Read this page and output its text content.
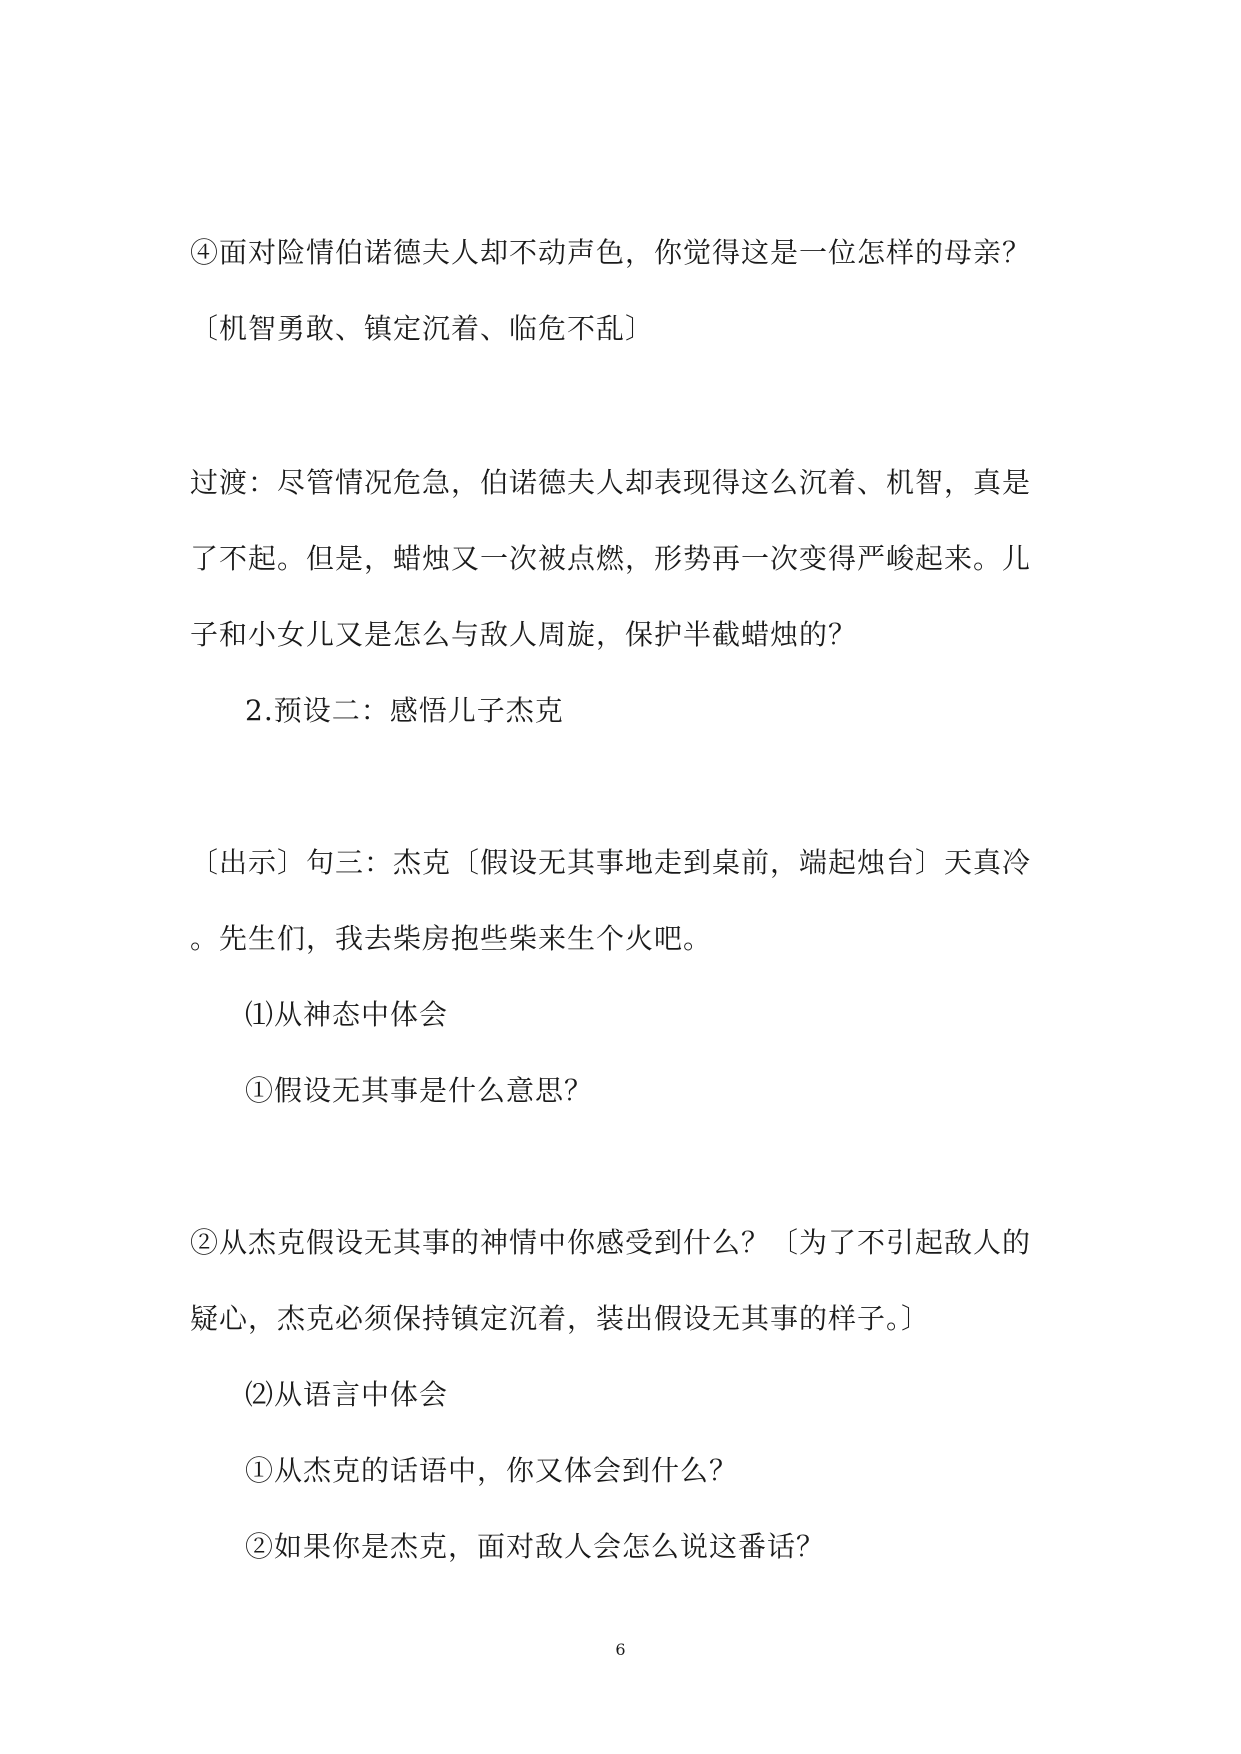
④面对险情伯诺德夫人却不动声色，你觉得这是一位怎样的母亲？
〔机智勇敢、镇定沉着、临危不乱〕
过渡：尽管情况危急，伯诺德夫人却表现得这么沉着、机智，真是
了不起。但是，蜡烛又一次被点燃，形势再一次变得严峻起来。儿
子和小女儿又是怎么与敌人周旋，保护半截蜡烛的？
2.预设二：感悟儿子杰克
〔出示〕句三：杰克〔假设无其事地走到桌前，端起烛台〕天真冷
。先生们，我去柴房抱些柴来生个火吧。
⑴从神态中体会
①假设无其事是什么意思？
②从杰克假设无其事的神情中你感受到什么？〔为了不引起敌人的
疑心，杰克必须保持镇定沉着，装出假设无其事的样子。〕
⑵从语言中体会
①从杰克的话语中，你又体会到什么？
②如果你是杰克，面对敌人会怎么说这番话？
6
